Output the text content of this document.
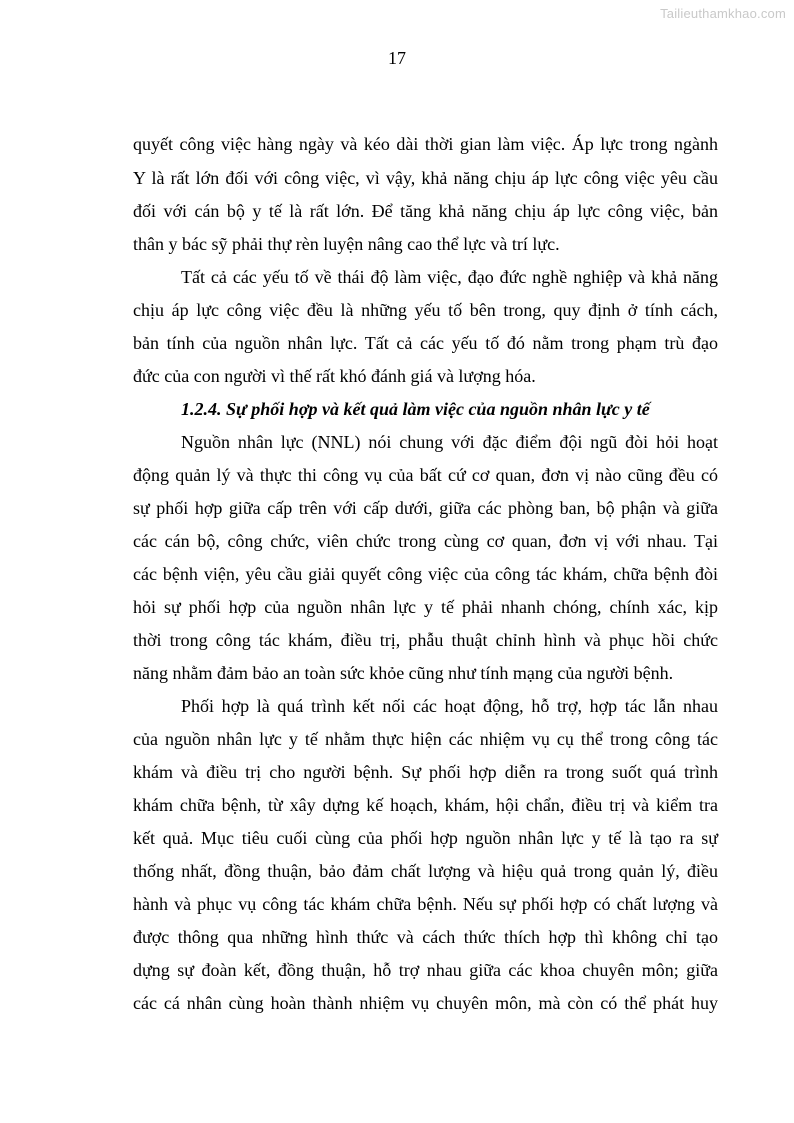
Tailieuthamkhao.com
17
quyết công việc hàng ngày và kéo dài thời gian làm việc. Áp lực trong ngành
Y là rất lớn đối với công việc, vì vậy, khả năng chịu áp lực công việc yêu cầu
đối với cán bộ y tế là rất lớn. Để tăng khả năng chịu áp lực công việc, bản
thân y bác sỹ phải thự rèn luyện nâng cao thể lực và trí lực.
Tất cả các yếu tố về thái độ làm việc, đạo đức nghề nghiệp và khả năng
chịu áp lực công việc đều là những yếu tố bên trong, quy định ở tính cách,
bản tính của nguồn nhân lực. Tất cả các yếu tố đó nằm trong phạm trù đạo
đức của con người vì thế rất khó đánh giá và lượng hóa.
1.2.4. Sự phối hợp và kết quả làm việc của nguồn nhân lực y tế
Nguồn nhân lực (NNL) nói chung với đặc điểm đội ngũ đòi hỏi hoạt
động quản lý và thực thi công vụ của bất cứ cơ quan, đơn vị nào cũng đều có
sự phối hợp giữa cấp trên với cấp dưới, giữa các phòng ban, bộ phận và giữa
các cán bộ, công chức, viên chức trong cùng cơ quan, đơn vị với nhau. Tại
các bệnh viện, yêu cầu giải quyết công việc của công tác khám, chữa bệnh đòi
hỏi sự phối hợp của nguồn nhân lực y tế phải nhanh chóng, chính xác, kịp
thời trong công tác khám, điều trị, phẫu thuật chỉnh hình và phục hồi chức
năng nhằm đảm bảo an toàn sức khỏe cũng như tính mạng của người bệnh.
Phối hợp là quá trình kết nối các hoạt động, hỗ trợ, hợp tác lẫn nhau
của nguồn nhân lực y tế nhằm thực hiện các nhiệm vụ cụ thể trong công tác
khám và điều trị cho người bệnh. Sự phối hợp diễn ra trong suốt quá trình
khám chữa bệnh, từ xây dựng kế hoạch, khám, hội chẩn, điều trị và kiểm tra
kết quả. Mục tiêu cuối cùng của phối hợp nguồn nhân lực y tế là tạo ra sự
thống nhất, đồng thuận, bảo đảm chất lượng và hiệu quả trong quản lý, điều
hành và phục vụ công tác khám chữa bệnh. Nếu sự phối hợp có chất lượng và
được thông qua những hình thức và cách thức thích hợp thì không chỉ tạo
dựng sự đoàn kết, đồng thuận, hỗ trợ nhau giữa các khoa chuyên môn; giữa
các cá nhân cùng hoàn thành nhiệm vụ chuyên môn, mà còn có thể phát huy
